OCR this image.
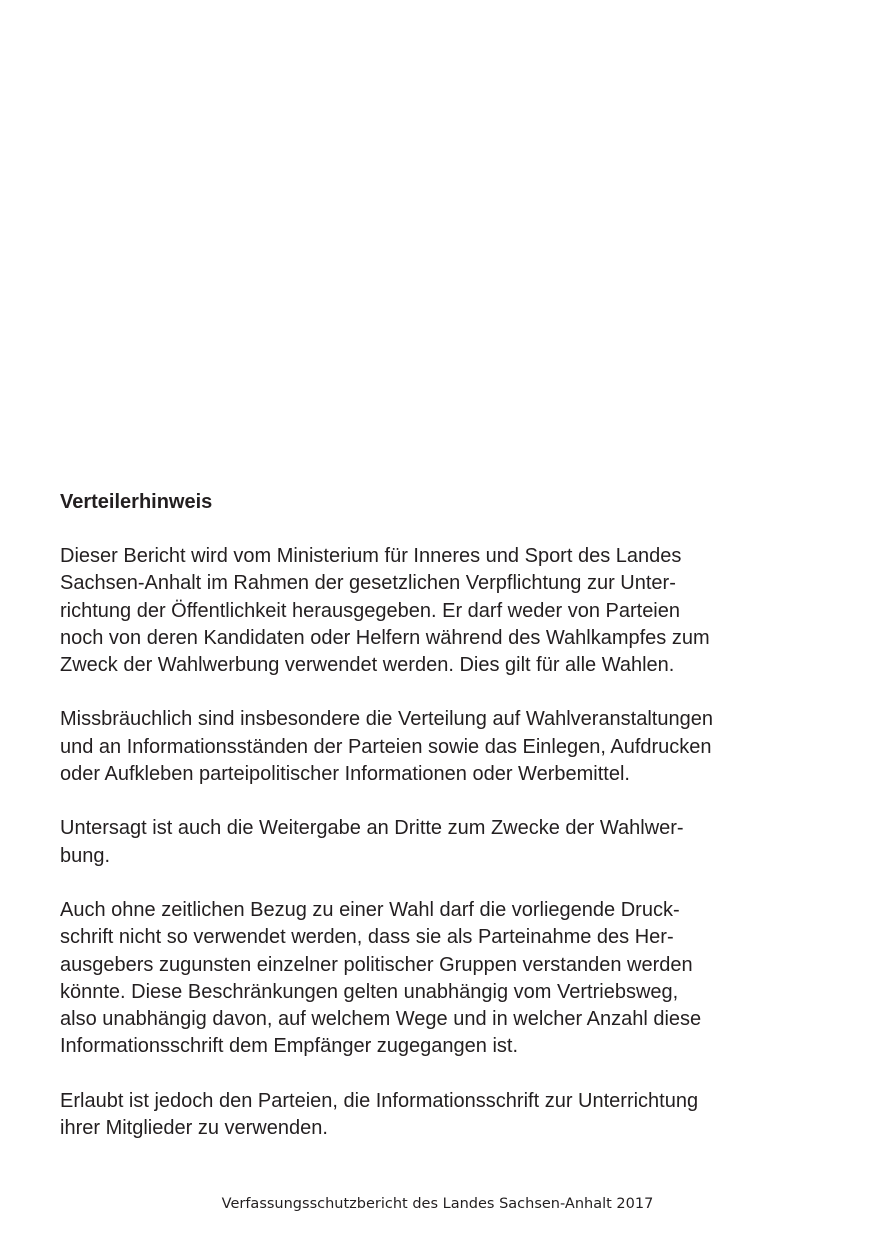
Verteilerhinweis

Dieser Bericht wird vom Ministerium für Inneres und Sport des Landes
Sachsen-Anhalt im Rahmen der gesetzlichen Verpflichtung zur Unter-
richtung der Öffentlichkeit herausgegeben. Er darf weder von Parteien
noch von deren Kandidaten oder Helfern während des Wahlkampfes zum
Zweck der Wahlwerbung verwendet werden. Dies gilt für alle Wahlen.

Missbräuchlich sind insbesondere die Verteilung auf Wahlveranstaltungen
und an Informationsständen der Parteien sowie das Einlegen, Aufdrucken
oder Aufkleben parteipolitischer Informationen oder Werbemittel.

Untersagt ist auch die Weitergabe an Dritte zum Zwecke der Wahlwer-
bung.

Auch ohne zeitlichen Bezug zu einer Wahl darf die vorliegende Druck-
schrift nicht so verwendet werden, dass sie als Parteinahme des Her-
ausgebers zugunsten einzelner politischer Gruppen verstanden werden
könnte. Diese Beschränkungen gelten unabhängig vom Vertriebsweg,
also unabhängig davon, auf welchem Wege und in welcher Anzahl diese
Informationsschrift dem Empfänger zugegangen ist.

Erlaubt ist jedoch den Parteien, die Informationsschrift zur Unterrichtung
ihrer Mitglieder zu verwenden.

Verfassungsschutzbericht des Landes Sachsen-Anhalt 2017
